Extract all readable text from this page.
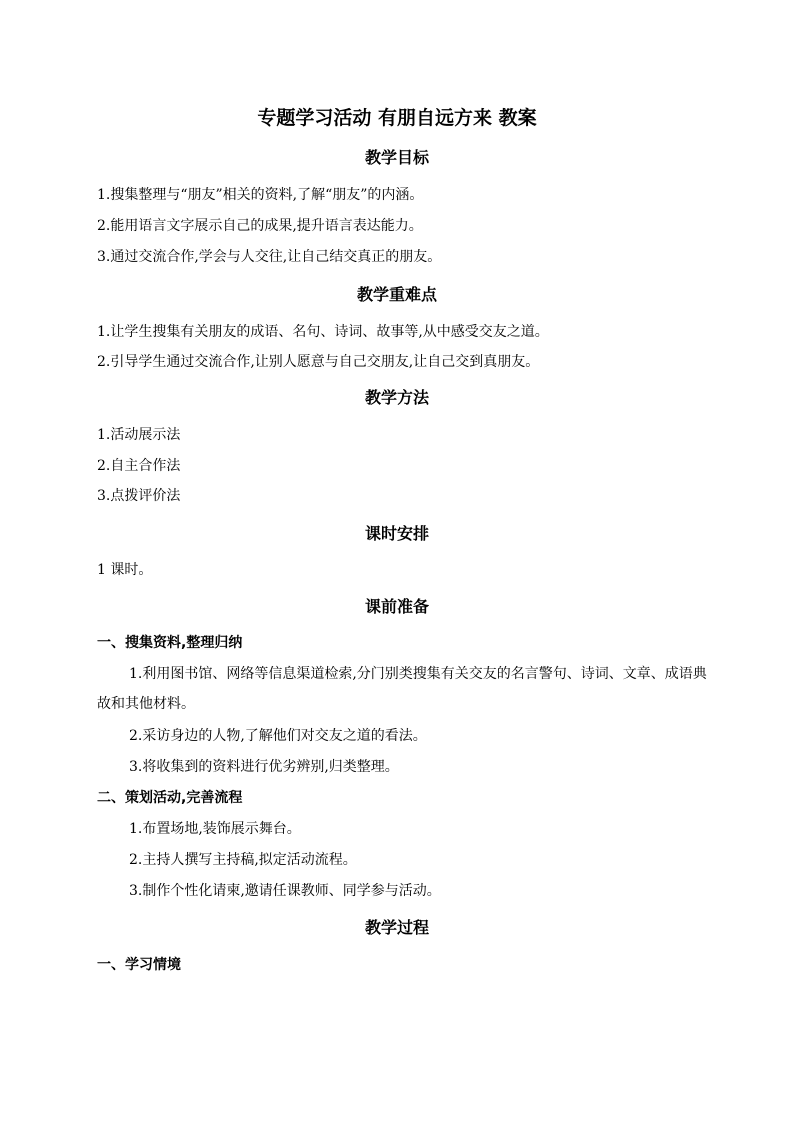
专题学习活动 有朋自远方来 教案
教学目标

1.搜集整理与“朋友”相关的资料,了解“朋友”的内涵。

2.能用语言文字展示自己的成果,提升语言表达能力。

3.通过交流合作,学会与人交往,让自己结交真正的朋友。

教学重难点

1.让学生搜集有关朋友的成语、名句、诗词、故事等,从中感受交友之道。

2.引导学生通过交流合作,让别人愿意与自己交朋友,让自己交到真朋友。

教学方法

1.活动展示法

2.自主合作法

3.点拨评价法

课时安排

1 课时。

课前准备

一、搜集资料,整理归纳

1.利用图书馆、网络等信息渠道检索,分门别类搜集有关交友的名言警句、诗词、文章、成语典故和其他材料。

2.采访身边的人物,了解他们对交友之道的看法。

3.将收集到的资料进行优劣辨别,归类整理。

二、策划活动,完善流程

1.布置场地,装饰展示舞台。

2.主持人撰写主持稿,拟定活动流程。

3.制作个性化请柬,邀请任课教师、同学参与活动。

教学过程

一、学习情境
